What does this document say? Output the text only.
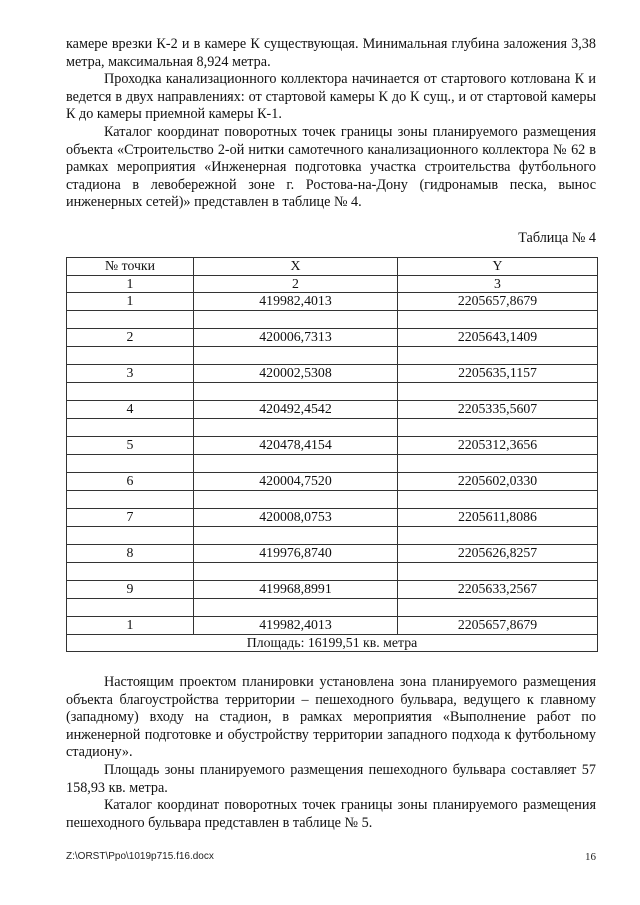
камере врезки К-2 и в камере К существующая. Минимальная глубина заложения 3,38 метра, максимальная 8,924 метра.

Проходка канализационного коллектора начинается от стартового котлована К и ведется в двух направлениях: от стартовой камеры К до К сущ., и от стартовой камеры К до камеры приемной камеры К-1.

Каталог координат поворотных точек границы зоны планируемого размещения объекта «Строительство 2-ой нитки самотечного канализационного коллектора № 62 в рамках мероприятия «Инженерная подготовка участка строительства футбольного стадиона в левобережной зоне г. Ростова-на-Дону (гидронамыв песка, вынос инженерных сетей)» представлен в таблице № 4.

Таблица № 4
№ точки	X	Y
1	2	3
1	419982,4013	2205657,8679

2	420006,7313	2205643,1409

3	420002,5308	2205635,1157

4	420492,4542	2205335,5607

5	420478,4154	2205312,3656

6	420004,7520	2205602,0330

7	420008,0753	2205611,8086

8	419976,8740	2205626,8257

9	419968,8991	2205633,2567

1	419982,4013	2205657,8679
Площадь: 16199,51 кв. метра		

Настоящим проектом планировки установлена зона планируемого размещения объекта благоустройства территории – пешеходного бульвара, ведущего к главному (западному) входу на стадион, в рамках мероприятия «Выполнение работ по инженерной подготовке и обустройству территории западного подхода к футбольному стадиону».

Площадь зоны планируемого размещения пешеходного бульвара составляет 57 158,93 кв. метра.

Каталог координат поворотных точек границы зоны планируемого размещения пешеходного бульвара представлен в таблице № 5.

Z:\ORST\Ppo\1019p715.f16.docx	16
